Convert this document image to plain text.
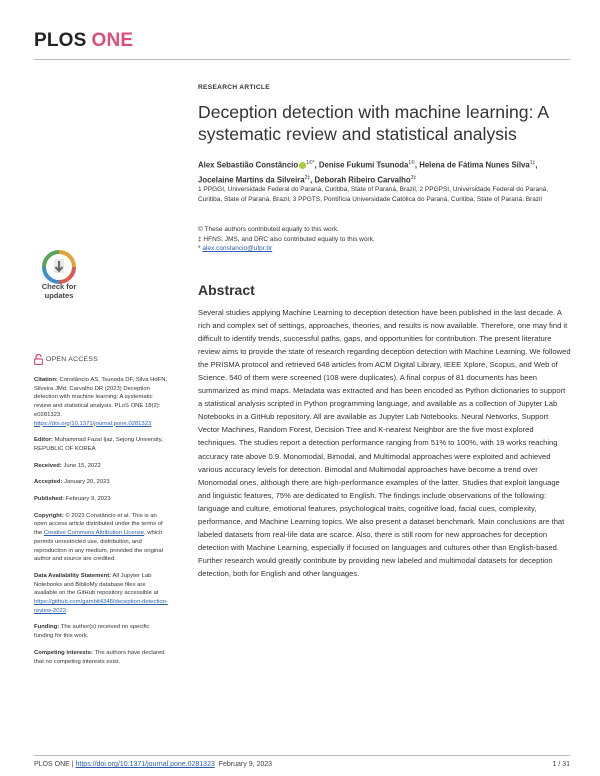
PLOS ONE
RESEARCH ARTICLE
Deception detection with machine learning: A systematic review and statistical analysis
Alex Sebastião Constâncio $^{1©*}$, Denise Fukumi Tsunoda$^{1©}$, Helena de Fátima Nunes Silva$^{1\ddagger}$, Jocelaine Martins da Silveira$^{2\ddagger}$, Deborah Ribeiro Carvalho$^{3\ddagger}$
1 PPGGI, Universidade Federal do Paraná, Curitiba, State of Paraná, Brazil, 2 PPGPSI, Universidade Federal do Paraná, Curitiba, State of Paraná, Brazil, 3 PPGTS, Pontifícia Universidade Católica do Paraná, Curitiba, State of Paraná, Brazil
© These authors contributed equally to this work.
‡ HFNS, JMS, and DRC also contributed equally to this work.
* alex.constancio@ufpr.br
Check for updates
OPEN ACCESS
Citation: Constâncio AS, Tsunoda DF, Silva HdFN, Silveira JMd, Carvalho DR (2023) Deception detection with machine learning: A systematic review and statistical analysis. PLoS ONE 18(2): e0281323. https://doi.org/10.1371/journal.pone.0281323
Editor: Muhammad Fazal Ijaz, Sejong University, REPUBLIC OF KOREA
Received: June 15, 2022
Accepted: January 20, 2023
Published: February 9, 2023
Copyright: © 2023 Constâncio et al. This is an open access article distributed under the terms of the Creative Commons Attribution License, which permits unrestricted use, distribution, and reproduction in any medium, provided the original author and source are credited.
Data Availability Statement: All Jupyter Lab Notebooks and BiblioMy database files are available on the GitHub repository accessible at https://github.com/gambit4348/deception-detection-review-2022.
Funding: The author(s) received no specific funding for this work.
Competing interests: The authors have declared that no competing interests exist.
Abstract

Several studies applying Machine Learning to deception detection have been published in the last decade. A rich and complex set of settings, approaches, theories, and results is now available. Therefore, one may find it difficult to identify trends, successful paths, gaps, and opportunities for contribution. The present literature review aims to provide the state of research regarding deception detection with Machine Learning. We followed the PRISMA protocol and retrieved 648 articles from ACM Digital Library, IEEE Xplore, Scopus, and Web of Science. 540 of them were screened (108 were duplicates). A final corpus of 81 documents has been summarized as mind maps. Metadata was extracted and has been encoded as Python dictionaries to support a statistical analysis scripted in Python programming language, and available as a collection of Jupyter Lab Notebooks in a GitHub repository. All are available as Jupyter Lab Notebooks. Neural Networks, Support Vector Machines, Random Forest, Decision Tree and K-nearest Neighbor are the five most explored techniques. The studies report a detection performance ranging from 51% to 100%, with 19 works reaching accuracy rate above 0.9. Monomodal, Bimodal, and Multimodal approaches were exploited and achieved various accuracy levels for detection. Bimodal and Multimodal approaches have become a trend over Monomodal ones, although there are high-performance examples of the latter. Studies that exploit language and linguistic features, 75% are dedicated to English. The findings include observations of the following: language and culture, emotional features, psychological traits, cognitive load, facial cues, complexity, performance, and Machine Learning topics. We also present a dataset benchmark. Main conclusions are that labeled datasets from real-life data are scarce. Also, there is still room for new approaches for deception detection with Machine Learning, especially if focused on languages and cultures other than English-based. Further research would greatly contribute by providing new labeled and multimodal datasets for deception detection, both for English and other languages.

PLOS ONE | https://doi.org/10.1371/journal.pone.0281323 February 9, 2023	1 / 31
